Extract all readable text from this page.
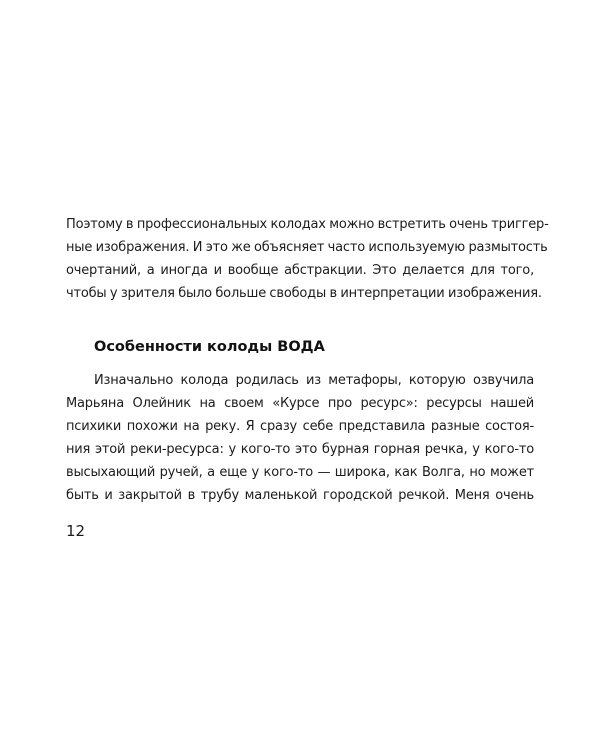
Поэтому в профессиональных колодах можно встретить очень триггер-
ные изображения. И это же объясняет часто используемую размытость
очертаний, а иногда и вообще абстракции. Это делается для того,
чтобы у зрителя было больше свободы в интерпретации изображения.
Особенности колоды ВОДА
Изначально колода родилась из метафоры, которую озвучила
Марьяна Олейник на своем «Курсе про ресурс»: ресурсы нашей
психики похожи на реку. Я сразу себе представила разные состоя-
ния этой реки-ресурса: у кого-то это бурная горная речка, у кого-то
высыхающий ручей, а еще у кого-то — широка, как Волга, но может
быть и закрытой в трубу маленькой городской речкой. Меня очень
12
